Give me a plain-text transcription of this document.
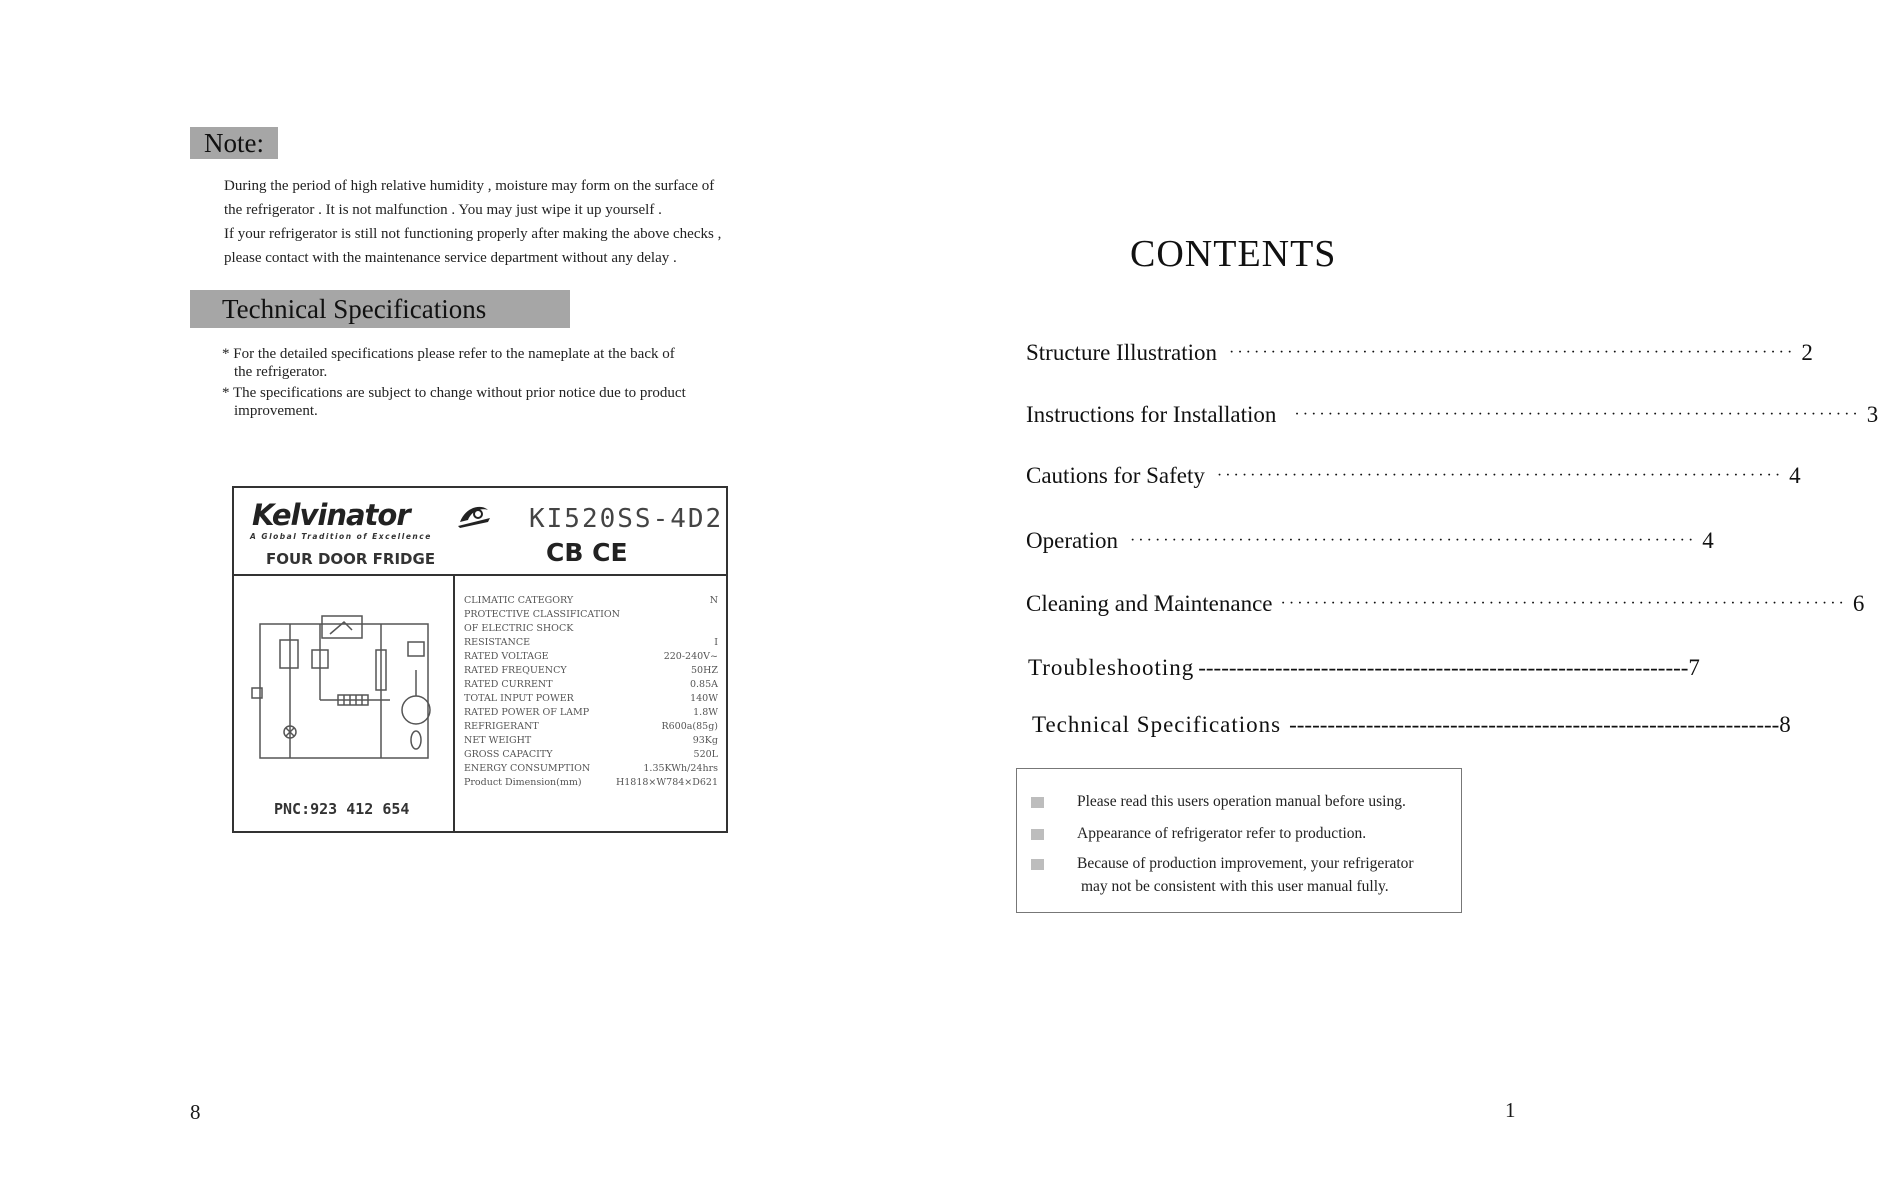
Note:
During the period of high relative humidity , moisture may form on the surface of
the refrigerator . It is not malfunction . You may just wipe it up yourself .
If your refrigerator is still not functioning properly after making the above checks ,
please contact with the maintenance service department without any delay .
Technical Specifications
* For the detailed specifications please refer to the nameplate at the back of
the refrigerator.
* The specifications are subject to change without prior notice due to product
improvement.
Kelvinator
A Global Tradition of Excellence
FOUR DOOR FRIDGE
KI520SS-4D2
CB CE
PNC:923 412 654
CLIMATIC CATEGORY	N
PROTECTIVE CLASSIFICATION
OF ELECTRIC SHOCK
RESISTANCE	I
RATED VOLTAGE	220-240V~
RATED FREQUENCY	50HZ
RATED CURRENT	0.85A
TOTAL INPUT POWER	140W
RATED POWER OF LAMP	1.8W
REFRIGERANT	R600a(85g)
NET WEIGHT	93Kg
GROSS CAPACITY	520L
ENERGY CONSUMPTION	1.35KWh/24hrs
Product Dimension(mm)	H1818×W784×D621
8
CONTENTS
Structure Illustration ···································································· 2
Instructions for Installation ···································································· 3
Cautions for Safety ···································································· 4
Operation ···································································· 4
Cleaning and Maintenance ···································································· 6
Troubleshooting ---------------------------------------------------------------- 7
Technical Specifications ---------------------------------------------------------------- 8
Please read this users operation manual before using.
Appearance of refrigerator refer to production.
Because of production improvement, your refrigerator
may not be consistent with this user manual fully.
1
